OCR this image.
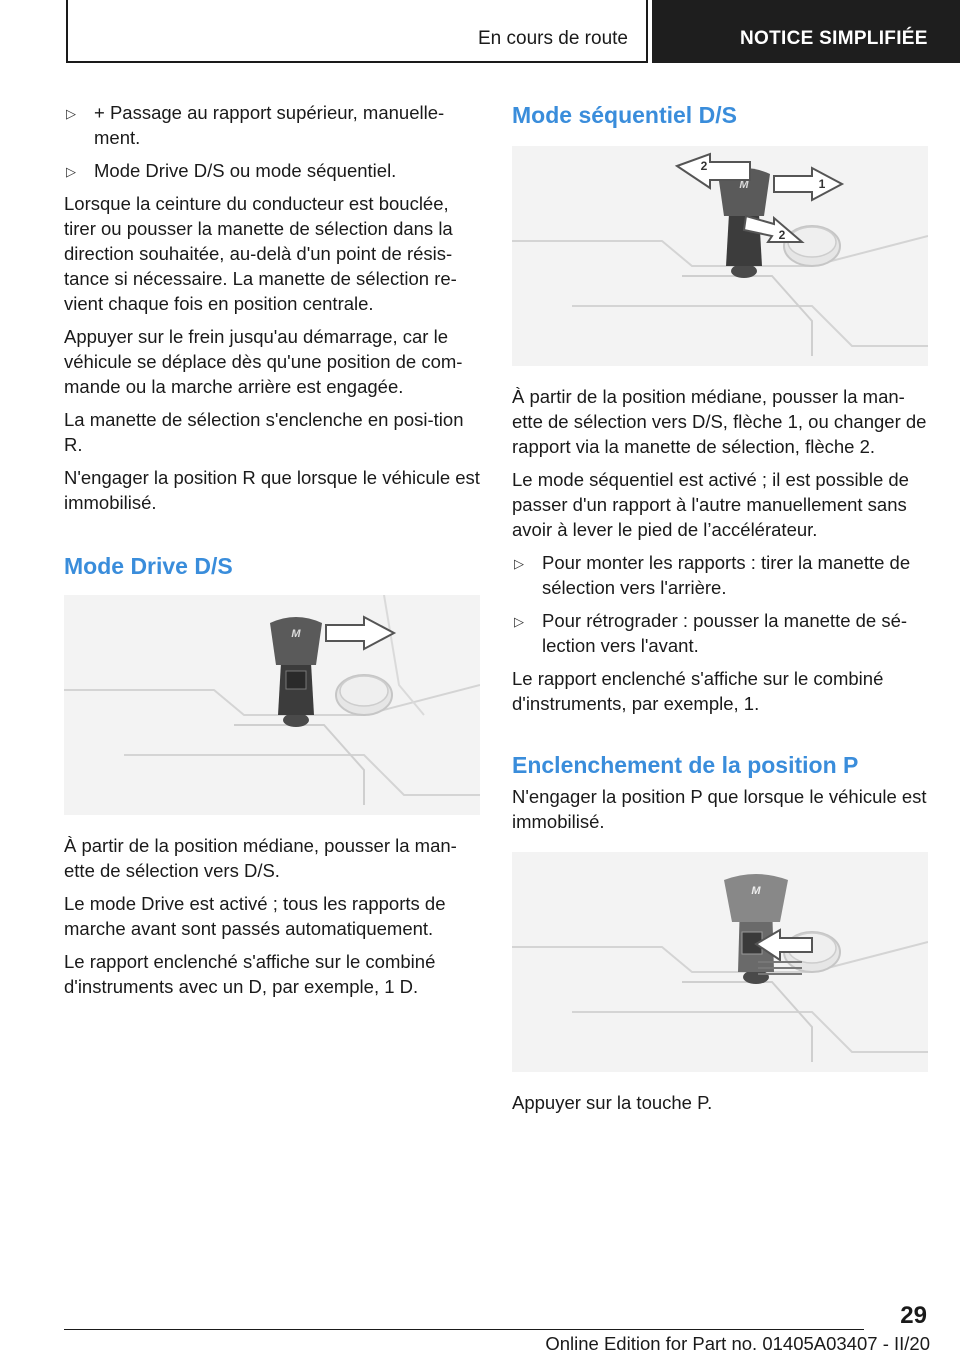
En cours de route	NOTICE SIMPLIFIÉE
▷ + Passage au rapport supérieur, manuelle-ment.
▷ Mode Drive D/S ou mode séquentiel.

Lorsque la ceinture du conducteur est bouclée, tirer ou pousser la manette de sélection dans la direction souhaitée, au-delà d'un point de résis-tance si nécessaire. La manette de sélection re-vient chaque fois en position centrale.

Appuyer sur le frein jusqu'au démarrage, car le véhicule se déplace dès qu'une position de com-mande ou la marche arrière est engagée.

La manette de sélection s'enclenche en posi-tion R.

N'engager la position R que lorsque le véhicule est immobilisé.

Mode Drive D/S
M

À partir de la position médiane, pousser la man-ette de sélection vers D/S.

Le mode Drive est activé ; tous les rapports de marche avant sont passés automatiquement.

Le rapport enclenché s'affiche sur le combiné d'instruments avec un D, par exemple, 1 D.

Mode séquentiel D/S
M
2
1
2

À partir de la position médiane, pousser la man-ette de sélection vers D/S, flèche 1, ou changer de rapport via la manette de sélection, flèche 2.

Le mode séquentiel est activé ; il est possible de passer d'un rapport à l'autre manuellement sans avoir à lever le pied de l’accélérateur.

▷ Pour monter les rapports : tirer la manette de sélection vers l'arrière.
▷ Pour rétrograder : pousser la manette de sé-lection vers l'avant.

Le rapport enclenché s'affiche sur le combiné d'instruments, par exemple, 1.

Enclenchement de la position P

N'engager la position P que lorsque le véhicule est immobilisé.

M

Appuyer sur la touche P.

29
Online Edition for Part no. 01405A03407 - II/20
